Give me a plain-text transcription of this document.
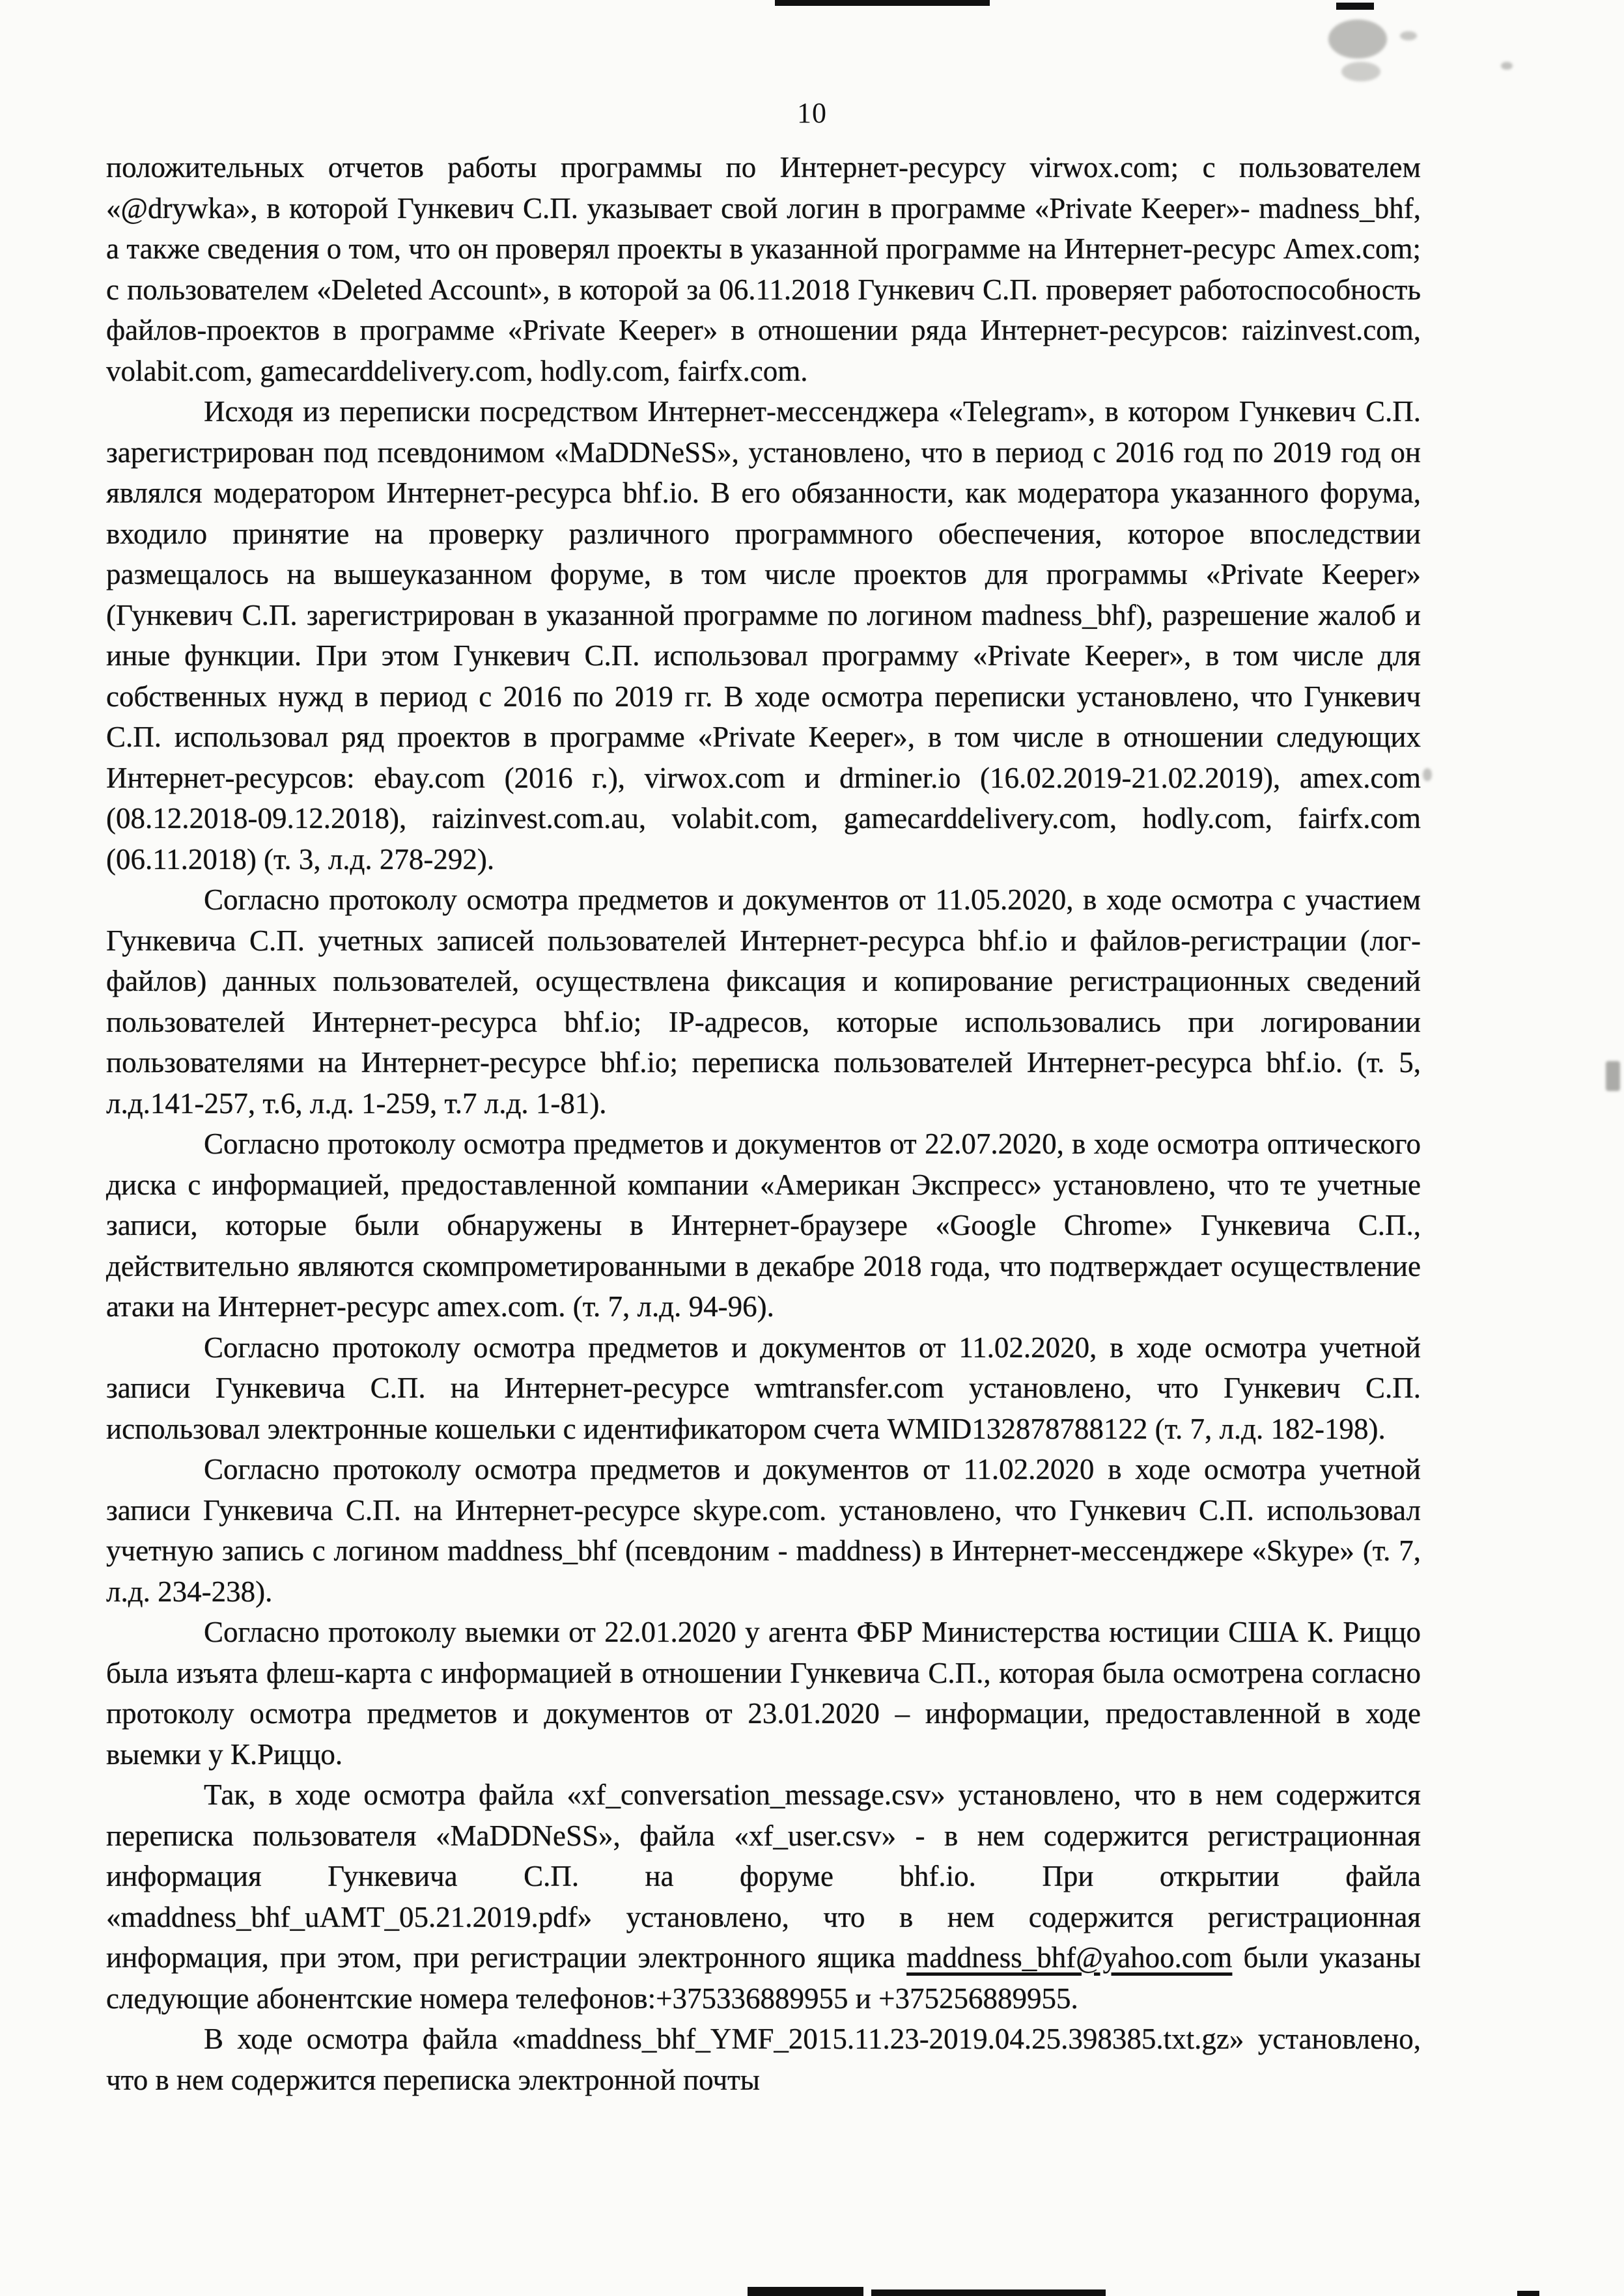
10

положительных отчетов работы программы по Интернет-ресурсу virwox.com; с пользователем «@drywka», в которой Гункевич С.П. указывает свой логин в программе «Private Keeper»- madness_bhf, а также сведения о том, что он проверял проекты в указанной программе на Интернет-ресурс Amex.com; с пользователем «Deleted Account», в которой за 06.11.2018 Гункевич С.П. проверяет работоспособность файлов-проектов в программе «Private Keeper» в отношении ряда Интернет-ресурсов: raizinvest.com, volabit.com, gamecarddelivery.com, hodly.com, fairfx.com.

Исходя из переписки посредством Интернет-мессенджера «Telegram», в котором Гункевич С.П. зарегистрирован под псевдонимом «MaDDNeSS», установлено, что в период с 2016 год по 2019 год он являлся модератором Интернет-ресурса bhf.io. В его обязанности, как модератора указанного форума, входило принятие на проверку различного программного обеспечения, которое впоследствии размещалось на вышеуказанном форуме, в том числе проектов для программы «Private Keeper» (Гункевич С.П. зарегистрирован в указанной программе по логином madness_bhf), разрешение жалоб и иные функции. При этом Гункевич С.П. использовал программу «Private Keeper», в том числе для собственных нужд в период с 2016 по 2019 гг. В ходе осмотра переписки установлено, что Гункевич С.П. использовал ряд проектов в программе «Private Keeper», в том числе в отношении следующих Интернет-ресурсов: ebay.com (2016 г.), virwox.com и drminer.io (16.02.2019-21.02.2019), amex.com (08.12.2018-09.12.2018), raizinvest.com.au, volabit.com, gamecarddelivery.com, hodly.com, fairfx.com (06.11.2018) (т. 3, л.д. 278-292).

Согласно протоколу осмотра предметов и документов от 11.05.2020, в ходе осмотра с участием Гункевича С.П. учетных записей пользователей Интернет-ресурса bhf.io и файлов-регистрации (лог-файлов) данных пользователей, осуществлена фиксация и копирование регистрационных сведений пользователей Интернет-ресурса bhf.io; IP-адресов, которые использовались при логировании пользователями на Интернет-ресурсе bhf.io; переписка пользователей Интернет-ресурса bhf.io. (т. 5, л.д.141-257, т.6, л.д. 1-259, т.7 л.д. 1-81).

Согласно протоколу осмотра предметов и документов от 22.07.2020, в ходе осмотра оптического диска с информацией, предоставленной компании «Американ Экспресс» установлено, что те учетные записи, которые были обнаружены в Интернет-браузере «Google Chrome» Гункевича С.П., действительно являются скомпрометированными в декабре 2018 года, что подтверждает осуществление атаки на Интернет-ресурс amex.com. (т. 7, л.д. 94-96).

Согласно протоколу осмотра предметов и документов от 11.02.2020, в ходе осмотра учетной записи Гункевича С.П. на Интернет-ресурсе wmtransfer.com установлено, что Гункевич С.П. использовал электронные кошельки с идентификатором счета WMID132878788122 (т. 7, л.д. 182-198).

Согласно протоколу осмотра предметов и документов от 11.02.2020 в ходе осмотра учетной записи Гункевича С.П. на Интернет-ресурсе skype.com. установлено, что Гункевич С.П. использовал учетную запись с логином maddness_bhf (псевдоним - maddness) в Интернет-мессенджере «Skype» (т. 7, л.д. 234-238).

Согласно протоколу выемки от 22.01.2020 у агента ФБР Министерства юстиции США К. Риццо была изъята флеш-карта с информацией в отношении Гункевича С.П., которая была осмотрена согласно протоколу осмотра предметов и документов от 23.01.2020 – информации, предоставленной в ходе выемки у К.Риццо.

Так, в ходе осмотра файла «xf_conversation_message.csv» установлено, что в нем содержится переписка пользователя «MaDDNeSS», файла «xf_user.csv» - в нем содержится регистрационная информация Гункевича С.П. на форуме bhf.io. При открытии файла «maddness_bhf_uAMT_05.21.2019.pdf» установлено, что в нем содержится регистрационная информация, при этом, при регистрации электронного ящика maddness_bhf@yahoo.com были указаны следующие абонентские номера телефонов:+375336889955 и +375256889955.

В ходе осмотра файла «maddness_bhf_YMF_2015.11.23-2019.04.25.398385.txt.gz» установлено, что в нем содержится переписка электронной почты
